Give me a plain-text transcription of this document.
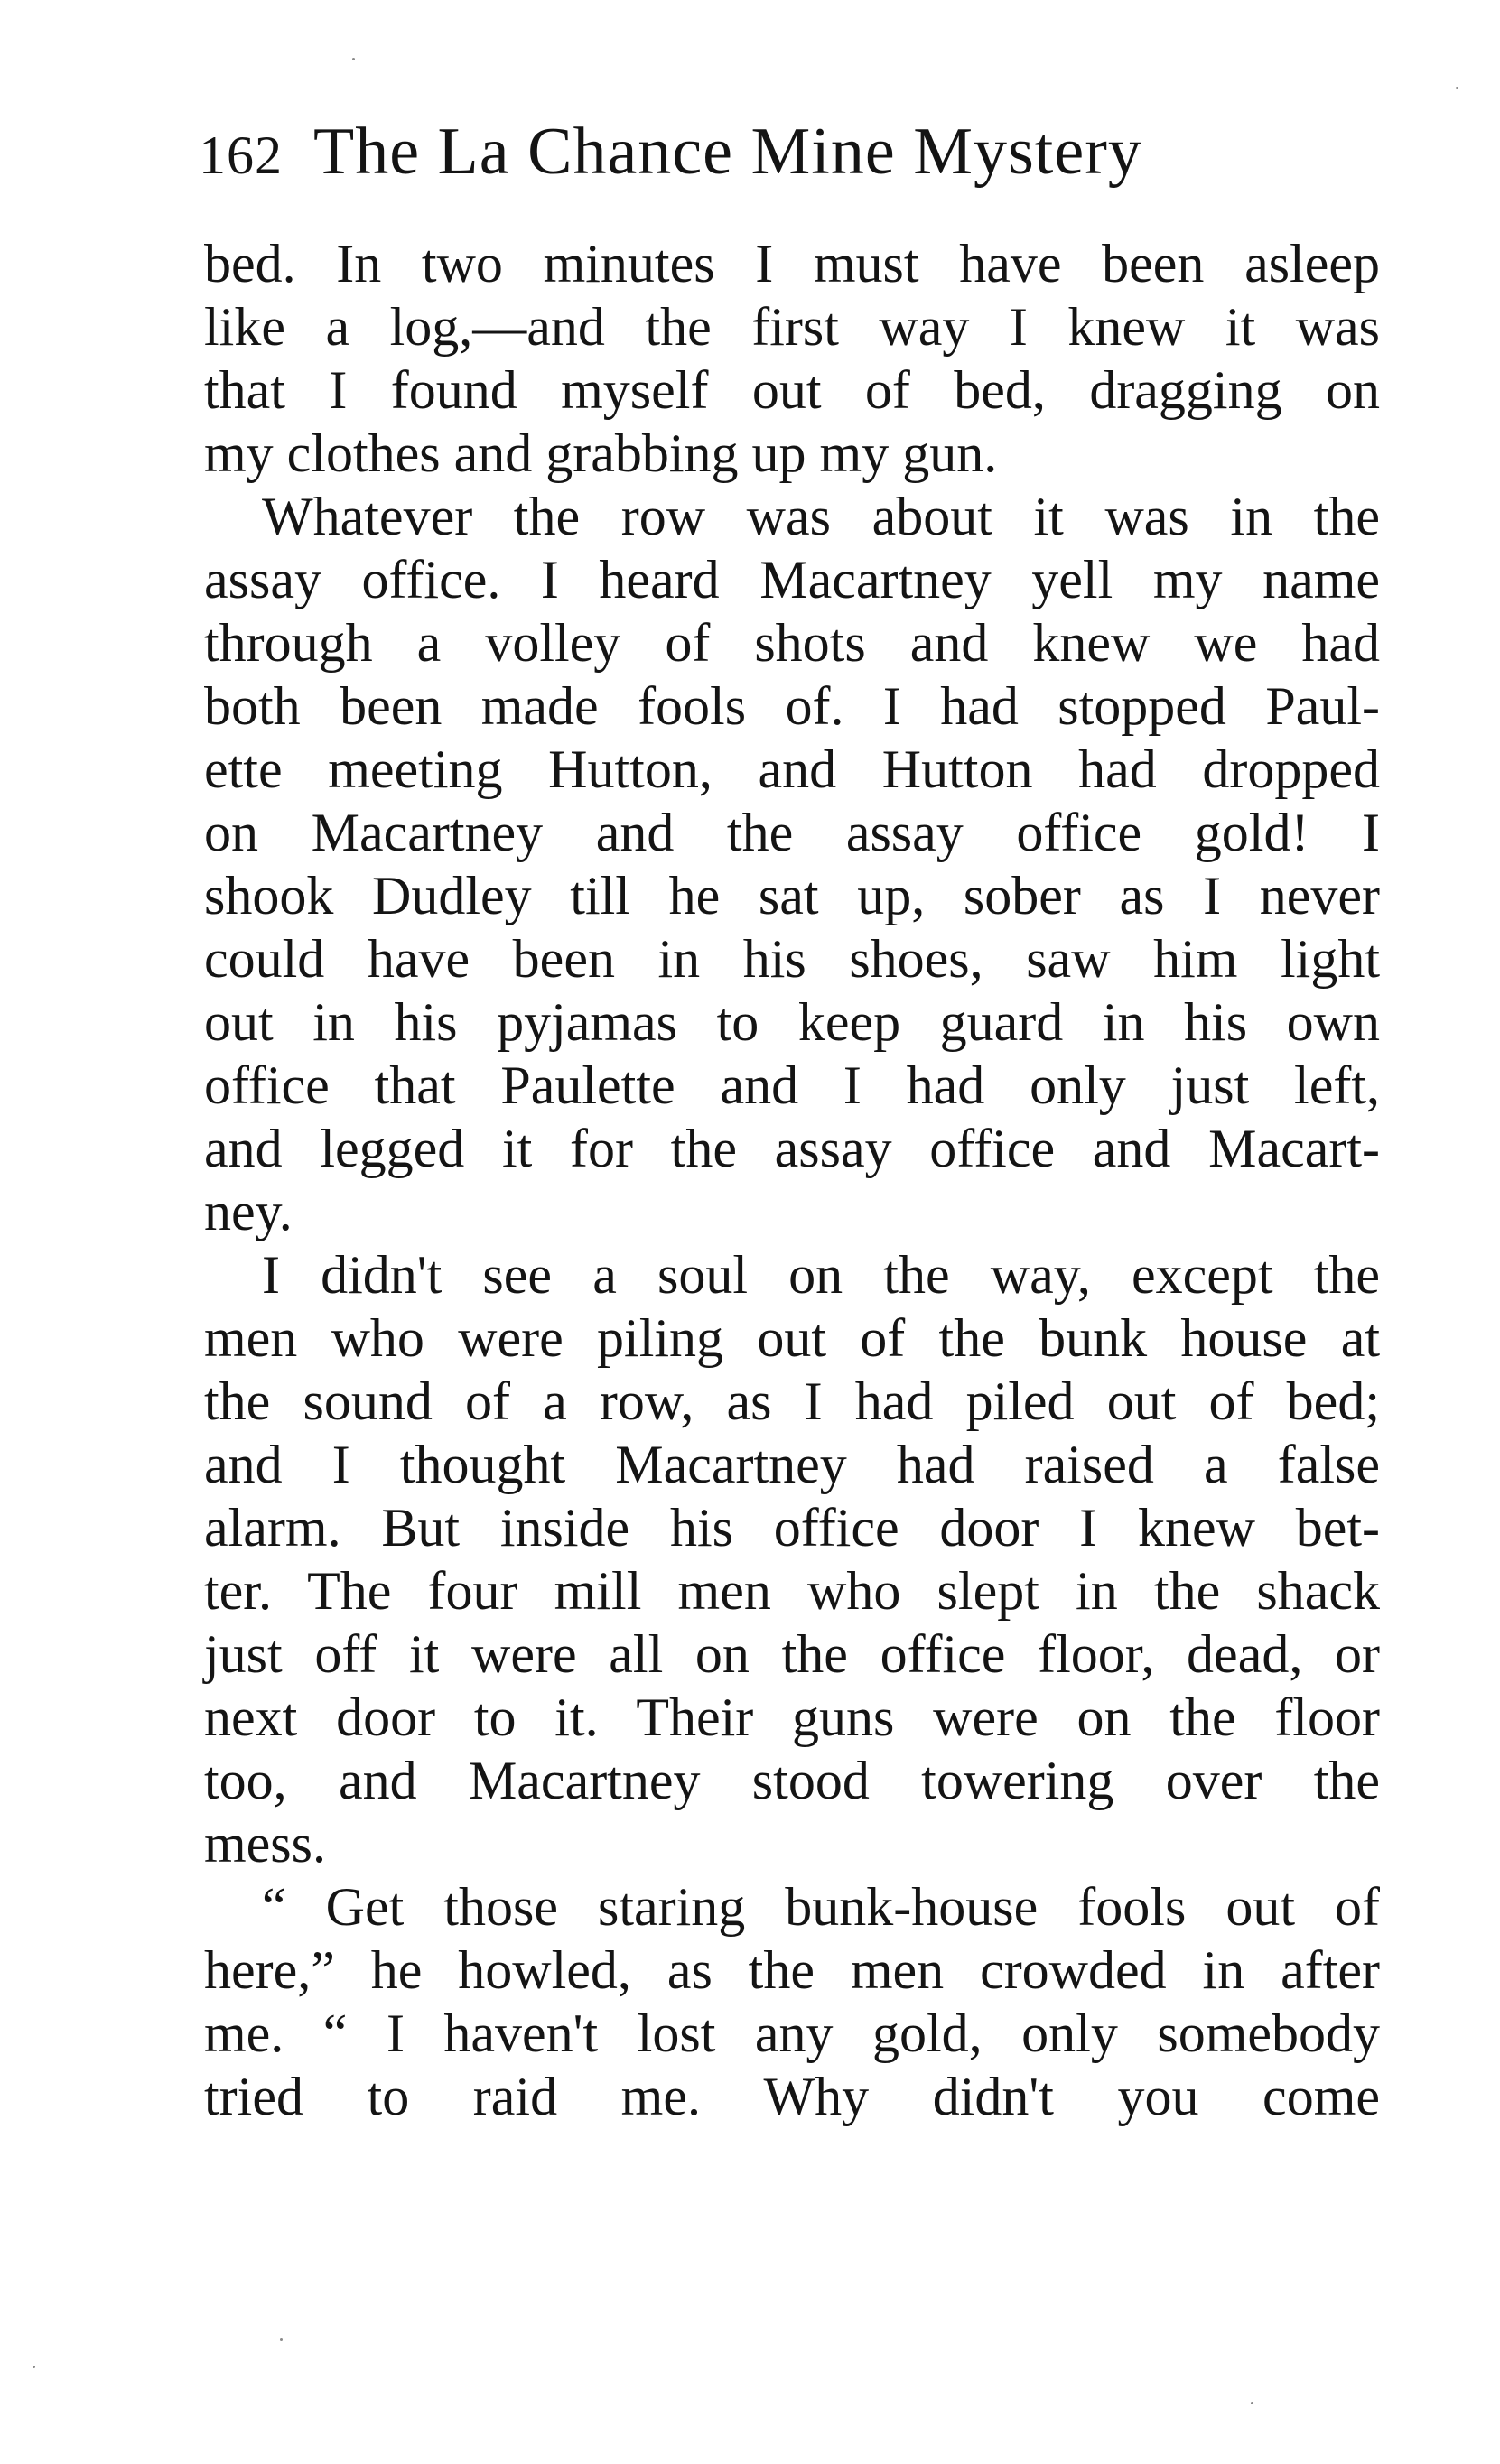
162 The La Chance Mine Mystery
bed. In two minutes I must have been asleep
like a log,—and the first way I knew it was
that I found myself out of bed, dragging on
my clothes and grabbing up my gun.
Whatever the row was about it was in the
assay office. I heard Macartney yell my name
through a volley of shots and knew we had
both been made fools of. I had stopped Paul-
ette meeting Hutton, and Hutton had dropped
on Macartney and the assay office gold! I
shook Dudley till he sat up, sober as I never
could have been in his shoes, saw him light
out in his pyjamas to keep guard in his own
office that Paulette and I had only just left,
and legged it for the assay office and Macart-
ney.
I didn't see a soul on the way, except the
men who were piling out of the bunk house at
the sound of a row, as I had piled out of bed;
and I thought Macartney had raised a false
alarm. But inside his office door I knew bet-
ter. The four mill men who slept in the shack
just off it were all on the office floor, dead, or
next door to it. Their guns were on the floor
too, and Macartney stood towering over the
mess.
“ Get those staring bunk-house fools out of
here,” he howled, as the men crowded in after
me. “ I haven't lost any gold, only somebody
tried to raid me. Why didn't you come
